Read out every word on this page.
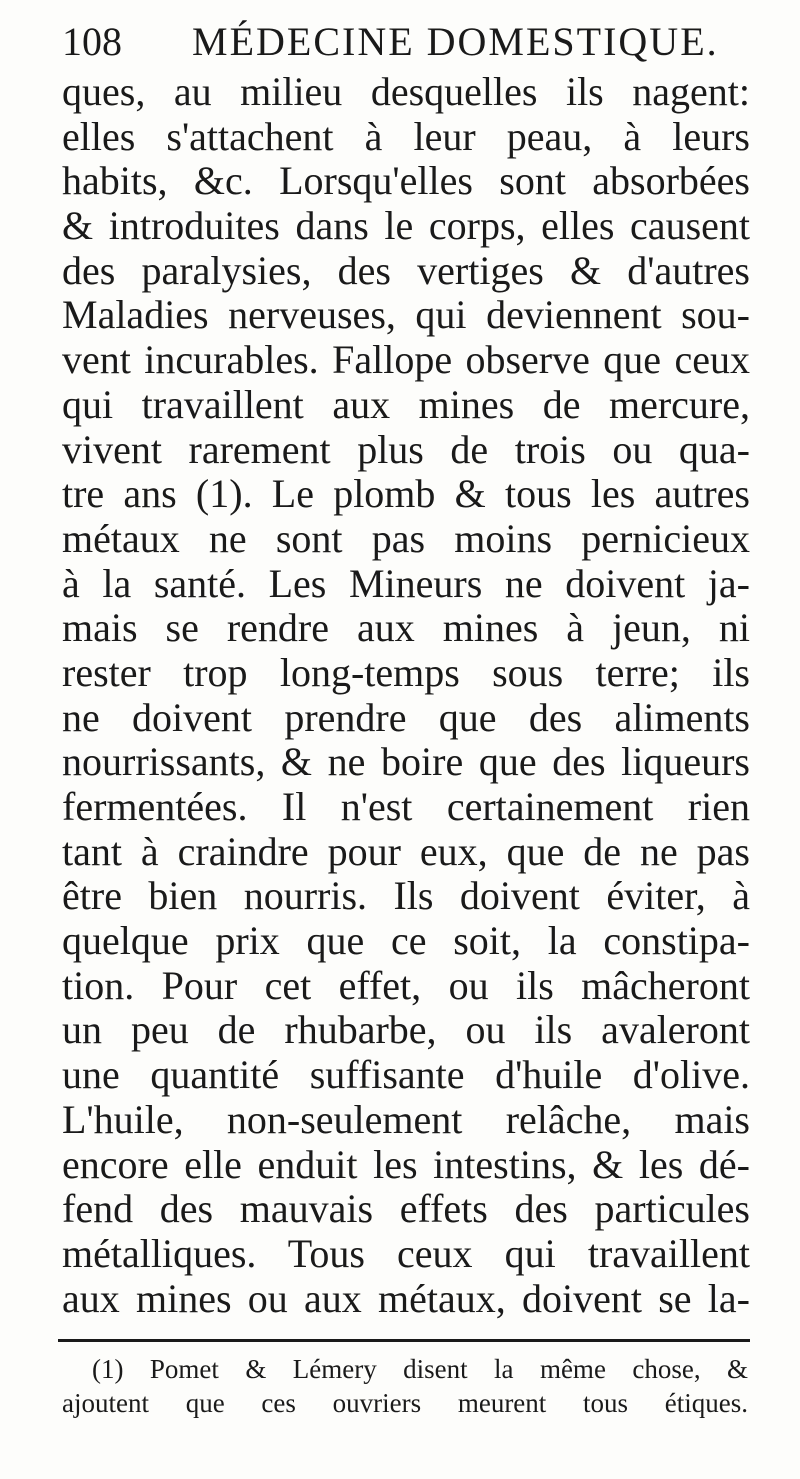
108 MÉDECINE DOMESTIQUE.
ques, au milieu desquelles ils nagent:
elles s'attachent à leur peau, à leurs
habits, &c. Lorsqu'elles sont absorbées
& introduites dans le corps, elles causent
des paralysies, des vertiges & d'autres
Maladies nerveuses, qui deviennent sou-
vent incurables. Fallope observe que ceux
qui travaillent aux mines de mercure,
vivent rarement plus de trois ou qua-
tre ans (1). Le plomb & tous les autres
métaux ne sont pas moins pernicieux
à la santé. Les Mineurs ne doivent ja-
mais se rendre aux mines à jeun, ni
rester trop long-temps sous terre; ils
ne doivent prendre que des aliments
nourrissants, & ne boire que des liqueurs
fermentées. Il n'est certainement rien
tant à craindre pour eux, que de ne pas
être bien nourris. Ils doivent éviter, à
quelque prix que ce soit, la constipa-
tion. Pour cet effet, ou ils mâcheront
un peu de rhubarbe, ou ils avaleront
une quantité suffisante d'huile d'olive.
L'huile, non-seulement relâche, mais
encore elle enduit les intestins, & les dé-
fend des mauvais effets des particules
métalliques. Tous ceux qui travaillent
aux mines ou aux métaux, doivent se la-
(1) Pomet & Lémery disent la même chose, &
ajoutent que ces ouvriers meurent tous étiques.
